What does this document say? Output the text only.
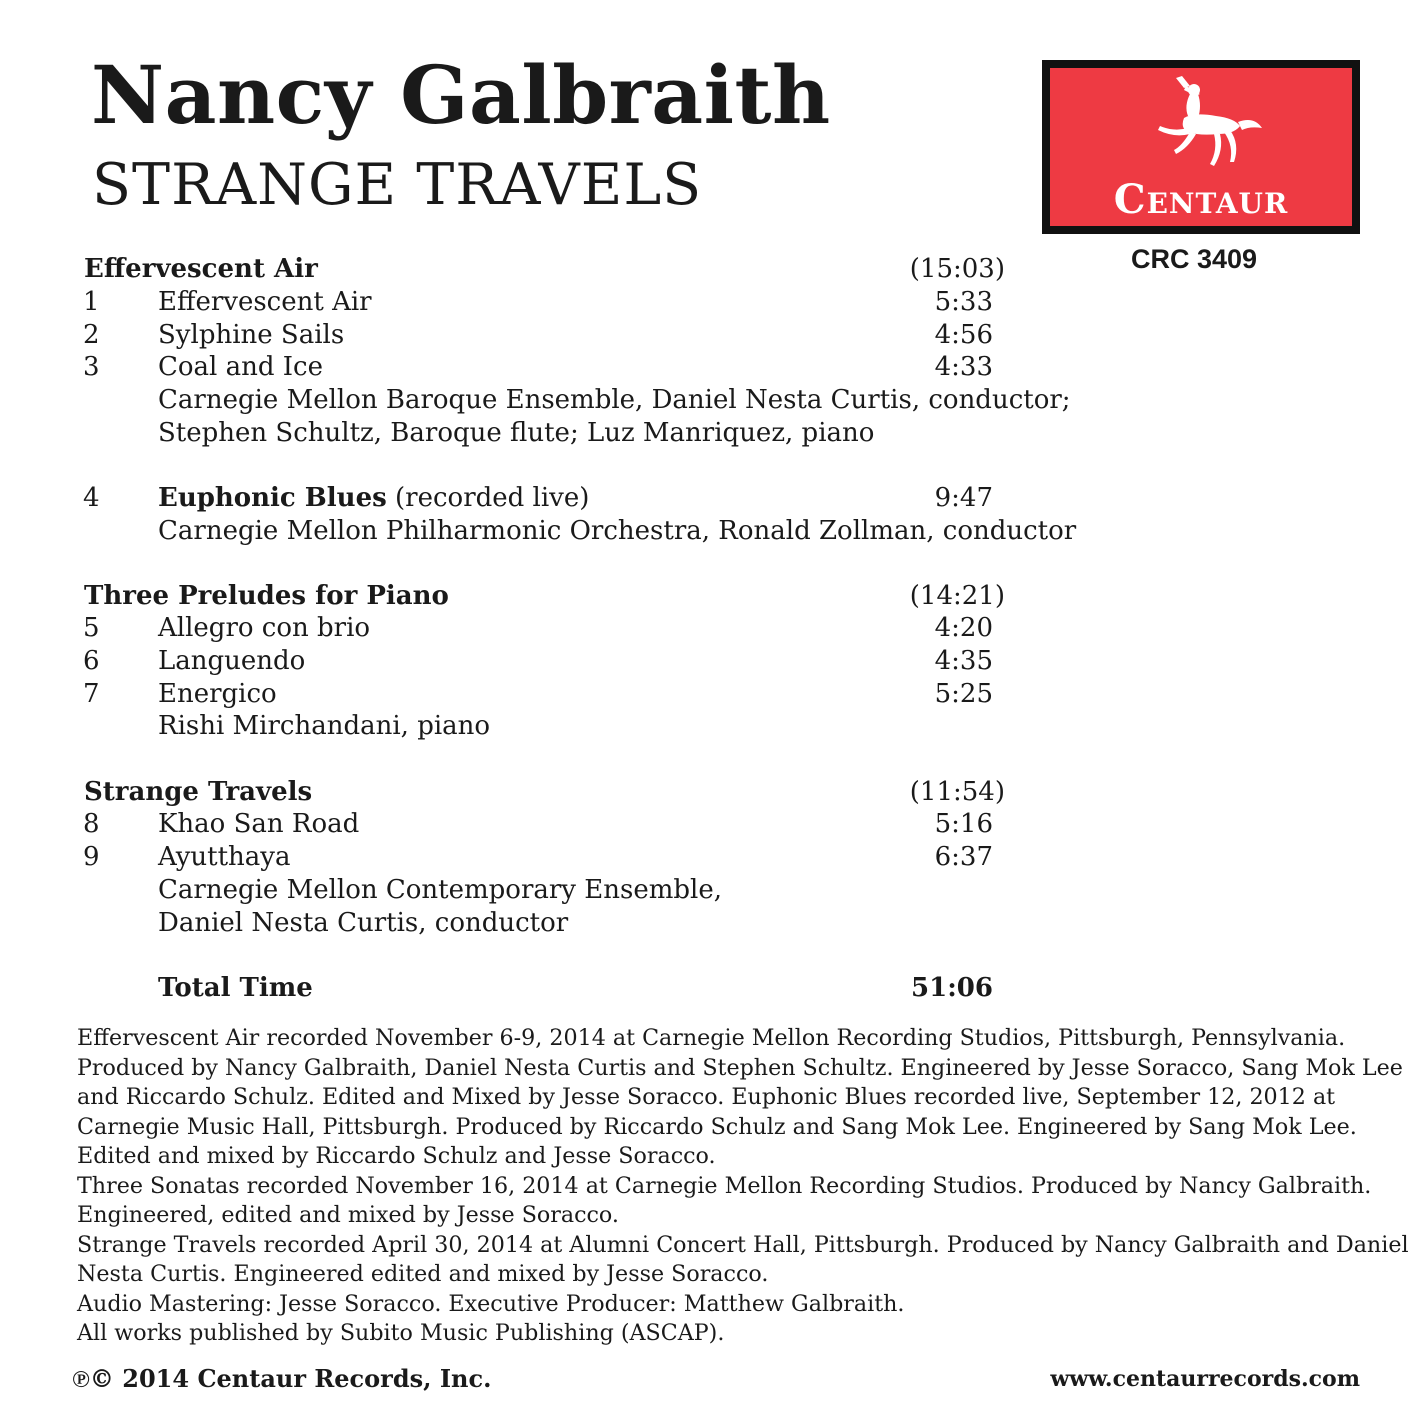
Nancy Galbraith
STRANGE TRAVELS	Centaur
CRC 3409
Effervescent Air	(15:03)
1 Effervescent Air	5:33
2 Sylphine Sails	4:56
3 Coal and Ice	4:33
Carnegie Mellon Baroque Ensemble, Daniel Nesta Curtis, conductor;
Stephen Schultz, Baroque flute; Luz Manriquez, piano
4 Euphonic Blues (recorded live)	9:47
Carnegie Mellon Philharmonic Orchestra, Ronald Zollman, conductor
Three Preludes for Piano	(14:21)
5 Allegro con brio	4:20
6 Languendo	4:35
7 Energico	5:25
Rishi Mirchandani, piano
Strange Travels	(11:54)
8 Khao San Road	5:16
9 Ayutthaya	6:37
Carnegie Mellon Contemporary Ensemble,
Daniel Nesta Curtis, conductor
Total Time	51:06

Effervescent Air recorded November 6-9, 2014 at Carnegie Mellon Recording Studios, Pittsburgh, Pennsylvania.

Produced by Nancy Galbraith, Daniel Nesta Curtis and Stephen Schultz. Engineered by Jesse Soracco, Sang Mok Lee

and Riccardo Schulz. Edited and Mixed by Jesse Soracco. Euphonic Blues recorded live, September 12, 2012 at

Carnegie Music Hall, Pittsburgh. Produced by Riccardo Schulz and Sang Mok Lee. Engineered by Sang Mok Lee.

Edited and mixed by Riccardo Schulz and Jesse Soracco.

Three Sonatas recorded November 16, 2014 at Carnegie Mellon Recording Studios. Produced by Nancy Galbraith.

Engineered, edited and mixed by Jesse Soracco.

Strange Travels recorded April 30, 2014 at Alumni Concert Hall, Pittsburgh. Produced by Nancy Galbraith and Daniel

Nesta Curtis. Engineered edited and mixed by Jesse Soracco.

Audio Mastering: Jesse Soracco. Executive Producer: Matthew Galbraith.

All works published by Subito Music Publishing (ASCAP).

℗© 2014 Centaur Records, Inc.	www.centaurrecords.com
